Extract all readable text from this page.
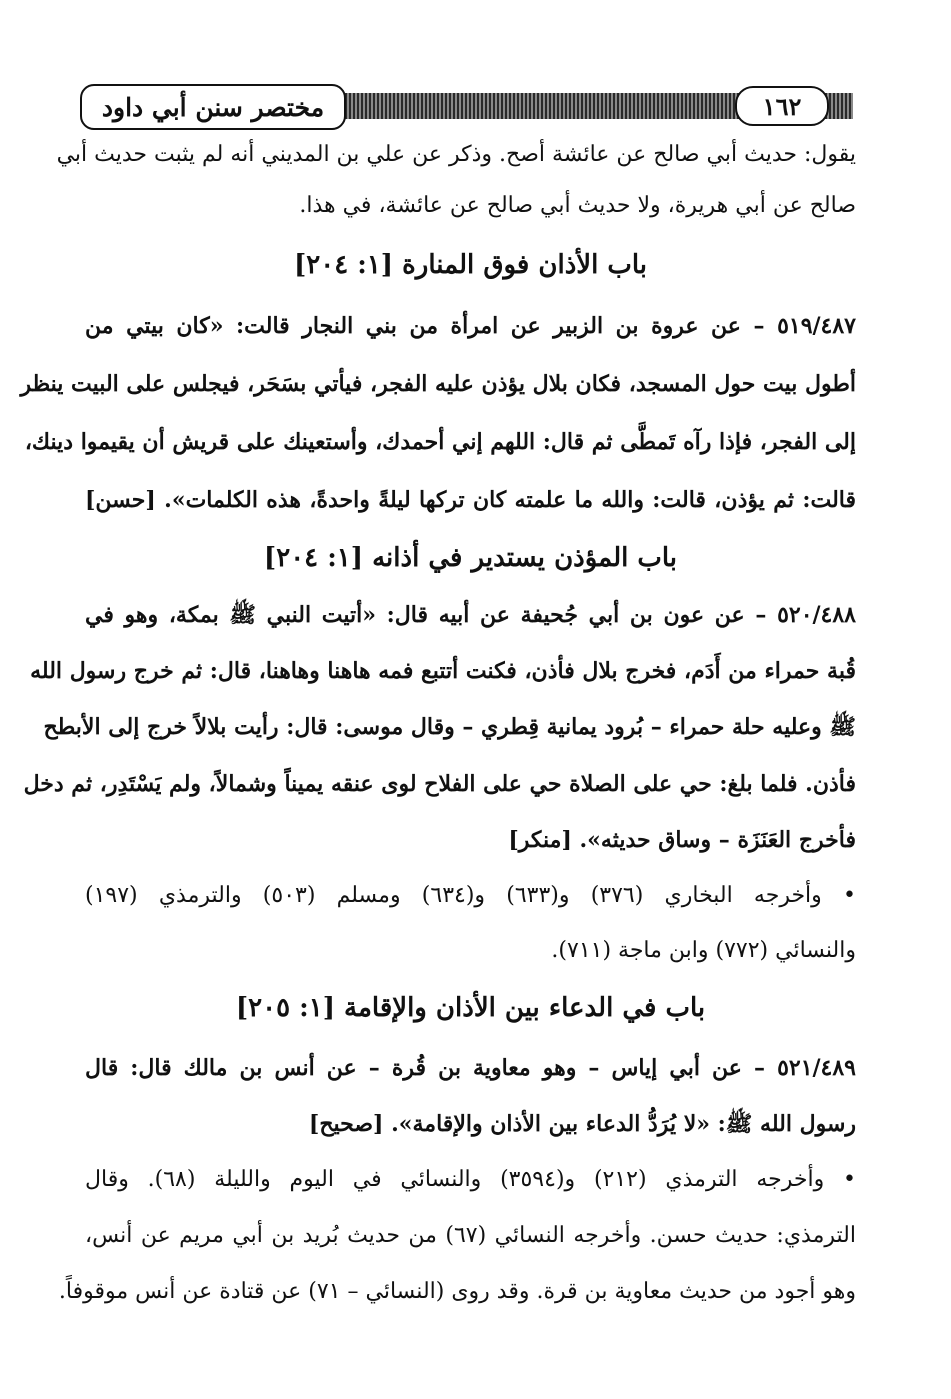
مختصر سنن أبي داود	١٦٢
يقول: حديث أبي صالح عن عائشة أصح. وذكر عن علي بن المديني أنه لم يثبت حديث أبي
صالح عن أبي هريرة، ولا حديث أبي صالح عن عائشة، في هذا.
باب الأذان فوق المنارة [١: ٢٠٤]
٥١٩/٤٨٧ – عن عروة بن الزبير عن امرأة من بني النجار قالت: «كان بيتي من
أطول بيت حول المسجد، فكان بلال يؤذن عليه الفجر، فيأتي بسَحَر، فيجلس على البيت ينظر
إلى الفجر، فإذا رآه تَمطَّى ثم قال: اللهم إني أحمدك، وأستعينك على قريش أن يقيموا دينك،
قالت: ثم يؤذن، قالت: والله ما علمته كان تركها ليلةً واحدةً، هذه الكلمات». [حسن]
باب المؤذن يستدير في أذانه [١: ٢٠٤]
٥٢٠/٤٨٨ – عن عون بن أبي جُحيفة عن أبيه قال: «أتيت النبي ﷺ بمكة، وهو في
قُبة حمراء من أَدَم، فخرج بلال فأذن، فكنت أتتبع فمه هاهنا وهاهنا، قال: ثم خرج رسول الله
ﷺ وعليه حلة حمراء – بُرود يمانية قِطري – وقال موسى: قال: رأيت بلالاً خرج إلى الأبطح
فأذن. فلما بلغ: حي على الصلاة حي على الفلاح لوى عنقه يميناً وشمالاً، ولم يَسْتَدِر، ثم دخل
فأخرج العَنَزَة – وساق حديثه». [منكر]
• وأخرجه البخاري (٣٧٦) و(٦٣٣) و(٦٣٤) ومسلم (٥٠٣) والترمذي (١٩٧)
والنسائي (٧٧٢) وابن ماجة (٧١١).
باب في الدعاء بين الأذان والإقامة [١: ٢٠٥]
٥٢١/٤٨٩ – عن أبي إياس – وهو معاوية بن قُرة – عن أنس بن مالك قال: قال
رسول الله ﷺ: «لا يُرَدُّ الدعاء بين الأذان والإقامة». [صحيح]
• وأخرجه الترمذي (٢١٢) و(٣٥٩٤) والنسائي في اليوم والليلة (٦٨). وقال
الترمذي: حديث حسن. وأخرجه النسائي (٦٧) من حديث بُريد بن أبي مريم عن أنس،
وهو أجود من حديث معاوية بن قرة. وقد روى (النسائي – ٧١) عن قتادة عن أنس موقوفاً.
